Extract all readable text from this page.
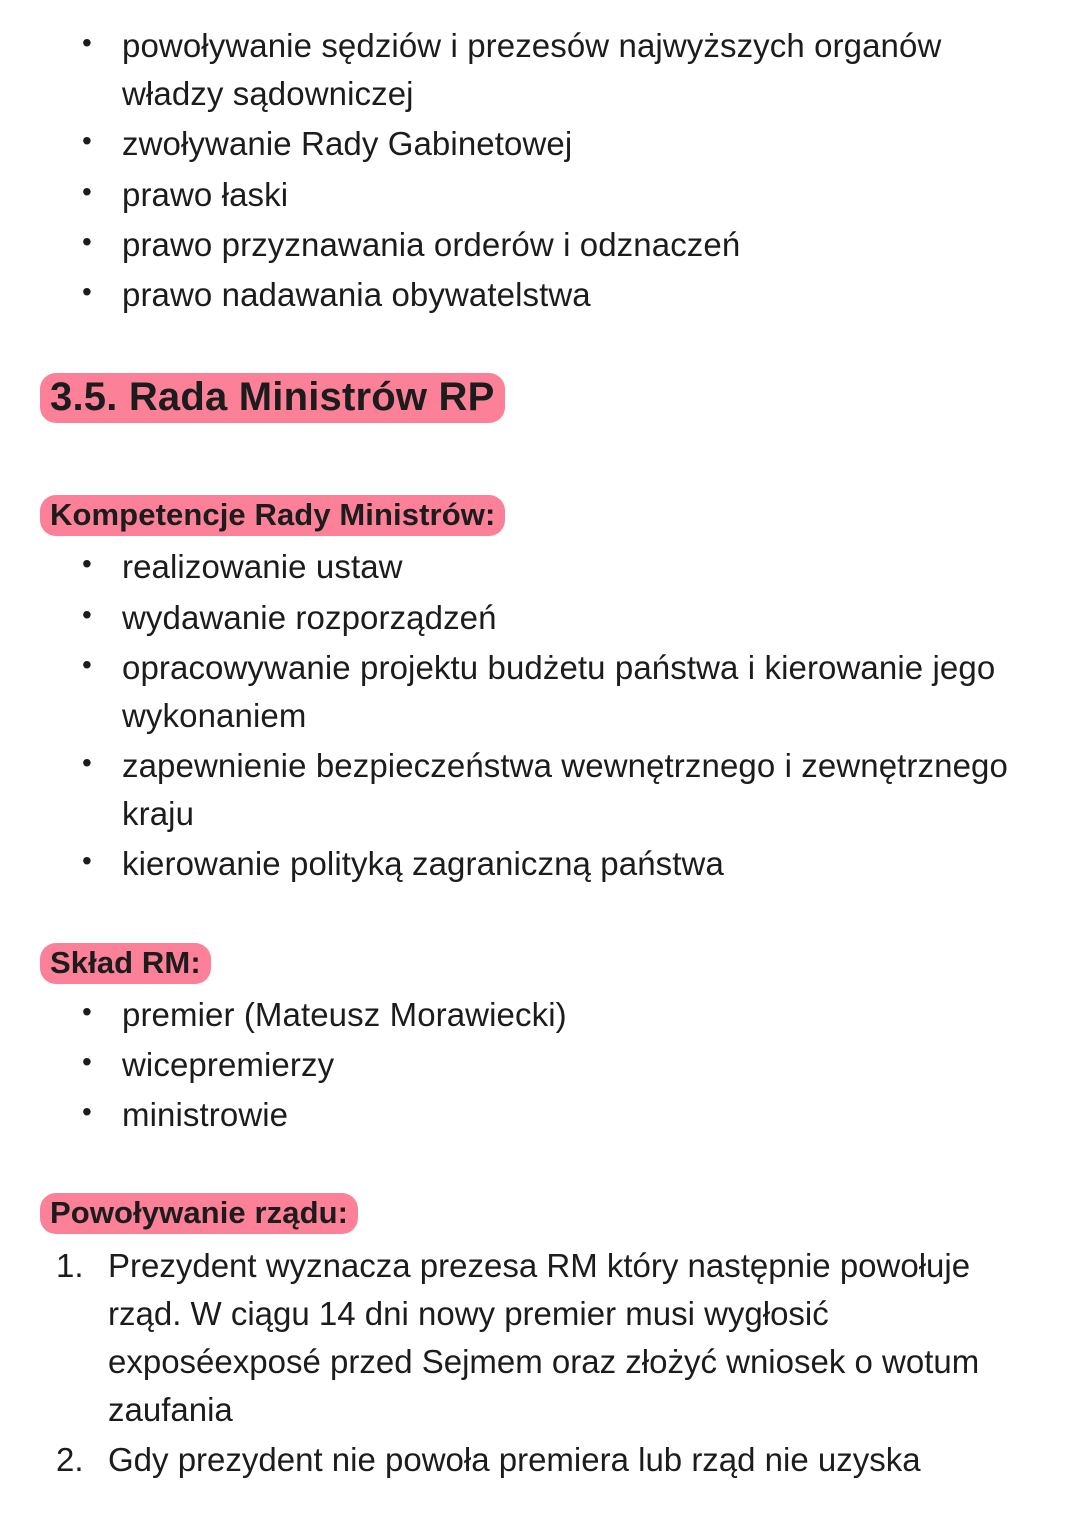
• powoływanie sędziów i prezesów najwyższych organów władzy sądowniczej
• zwoływanie Rady Gabinetowej
• prawo łaski
• prawo przyznawania orderów i odznaczeń
• prawo nadawania obywatelstwa
3.5. Rada Ministrów RP
Kompetencje Rady Ministrów:
• realizowanie ustaw
• wydawanie rozporządzeń
• opracowywanie projektu budżetu państwa i kierowanie jego wykonaniem
• zapewnienie bezpieczeństwa wewnętrznego i zewnętrznego kraju
• kierowanie polityką zagraniczną państwa
Skład RM:
• premier (Mateusz Morawiecki)
• wicepremierzy
• ministrowie
Powoływanie rządu:
Prezydent wyznacza prezesa RM który następnie powołuje rząd. W ciągu 14 dni nowy premier musi wygłosić exposéexposé przed Sejmem oraz złożyć wniosek o wotum zaufania
Gdy prezydent nie powoła premiera lub rząd nie uzyska
